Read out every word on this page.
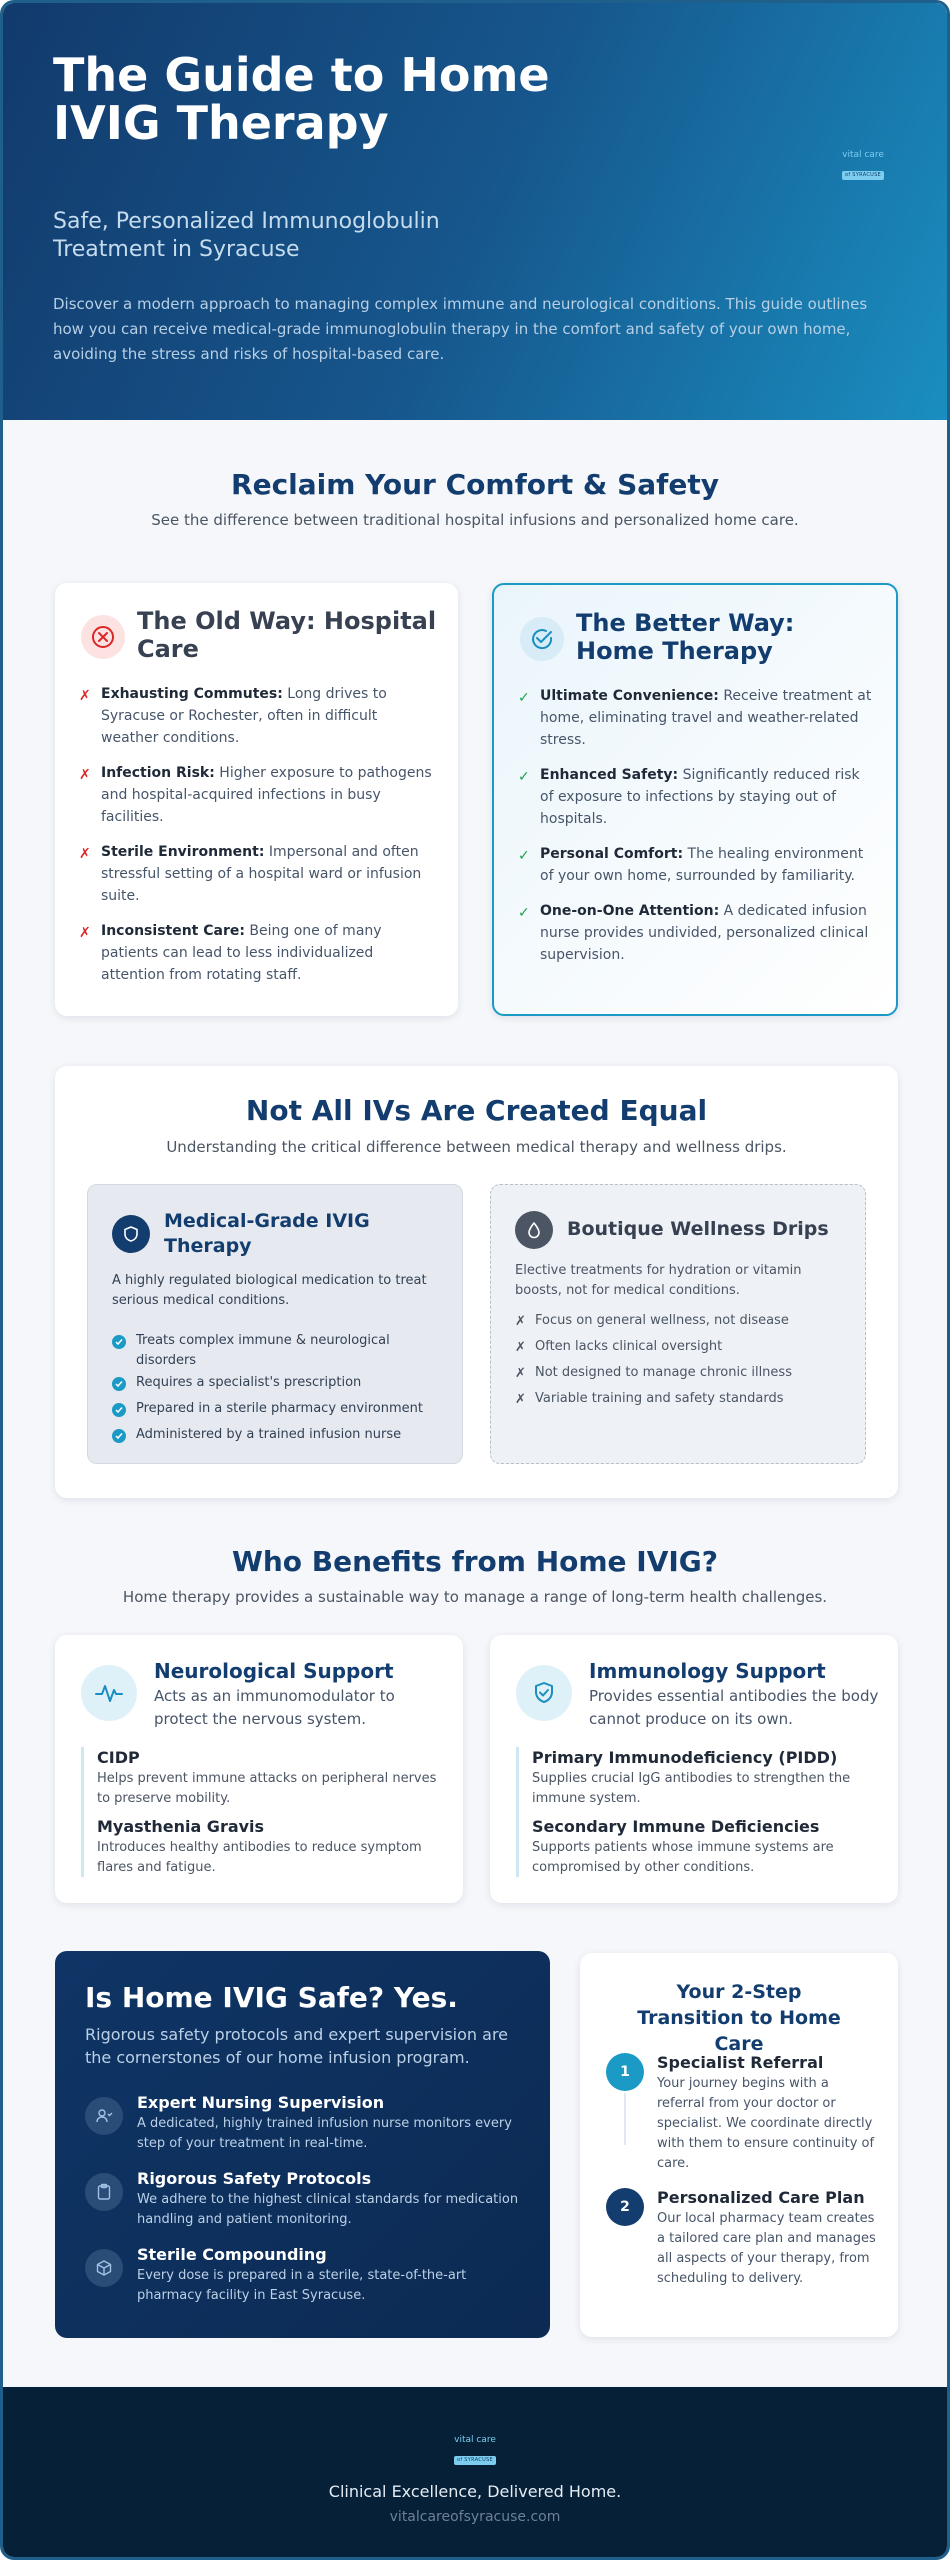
The Guide to Home IVIG Therapy
Safe, Personalized Immunoglobulin Treatment in Syracuse
Discover a modern approach to managing complex immune and neurological conditions. This guide outlines how you can receive medical-grade immunoglobulin therapy in the comfort and safety of your own home, avoiding the stress and risks of hospital-based care.
vital care
of SYRACUSE
Reclaim Your Comfort & Safety
See the difference between traditional hospital infusions and personalized home care.
The Old Way: Hospital Care
✗ Exhausting Commutes: Long drives to Syracuse or Rochester, often in difficult weather conditions.
✗ Infection Risk: Higher exposure to pathogens and hospital-acquired infections in busy facilities.
✗ Sterile Environment: Impersonal and often stressful setting of a hospital ward or infusion suite.
✗ Inconsistent Care: Being one of many patients can lead to less individualized attention from rotating staff.
The Better Way: Home Therapy
✓ Ultimate Convenience: Receive treatment at home, eliminating travel and weather-related stress.
✓ Enhanced Safety: Significantly reduced risk of exposure to infections by staying out of hospitals.
✓ Personal Comfort: The healing environment of your own home, surrounded by familiarity.
✓ One-on-One Attention: A dedicated infusion nurse provides undivided, personalized clinical supervision.
Not All IVs Are Created Equal
Understanding the critical difference between medical therapy and wellness drips.
Medical-Grade IVIG Therapy
A highly regulated biological medication to treat serious medical conditions.
Treats complex immune & neurological disorders
Requires a specialist's prescription
Prepared in a sterile pharmacy environment
Administered by a trained infusion nurse
Boutique Wellness Drips
Elective treatments for hydration or vitamin boosts, not for medical conditions.
✗ Focus on general wellness, not disease
✗ Often lacks clinical oversight
✗ Not designed to manage chronic illness
✗ Variable training and safety standards
Who Benefits from Home IVIG?
Home therapy provides a sustainable way to manage a range of long-term health challenges.
Neurological Support
Acts as an immunomodulator to protect the nervous system.
CIDP
Helps prevent immune attacks on peripheral nerves to preserve mobility.
Myasthenia Gravis
Introduces healthy antibodies to reduce symptom flares and fatigue.
Immunology Support
Provides essential antibodies the body cannot produce on its own.
Primary Immunodeficiency (PIDD)
Supplies crucial IgG antibodies to strengthen the immune system.
Secondary Immune Deficiencies
Supports patients whose immune systems are compromised by other conditions.
Is Home IVIG Safe? Yes.
Rigorous safety protocols and expert supervision are the cornerstones of our home infusion program.
Expert Nursing Supervision
A dedicated, highly trained infusion nurse monitors every step of your treatment in real-time.
Rigorous Safety Protocols
We adhere to the highest clinical standards for medication handling and patient monitoring.
Sterile Compounding
Every dose is prepared in a sterile, state-of-the-art pharmacy facility in East Syracuse.
Your 2-Step Transition to Home Care
1	Specialist Referral
Your journey begins with a referral from your doctor or specialist. We coordinate directly with them to ensure continuity of care.
2	Personalized Care Plan
Our local pharmacy team creates a tailored care plan and manages all aspects of your therapy, from scheduling to delivery.
vital care
of SYRACUSE
Clinical Excellence, Delivered Home.
vitalcareofsyracuse.com
